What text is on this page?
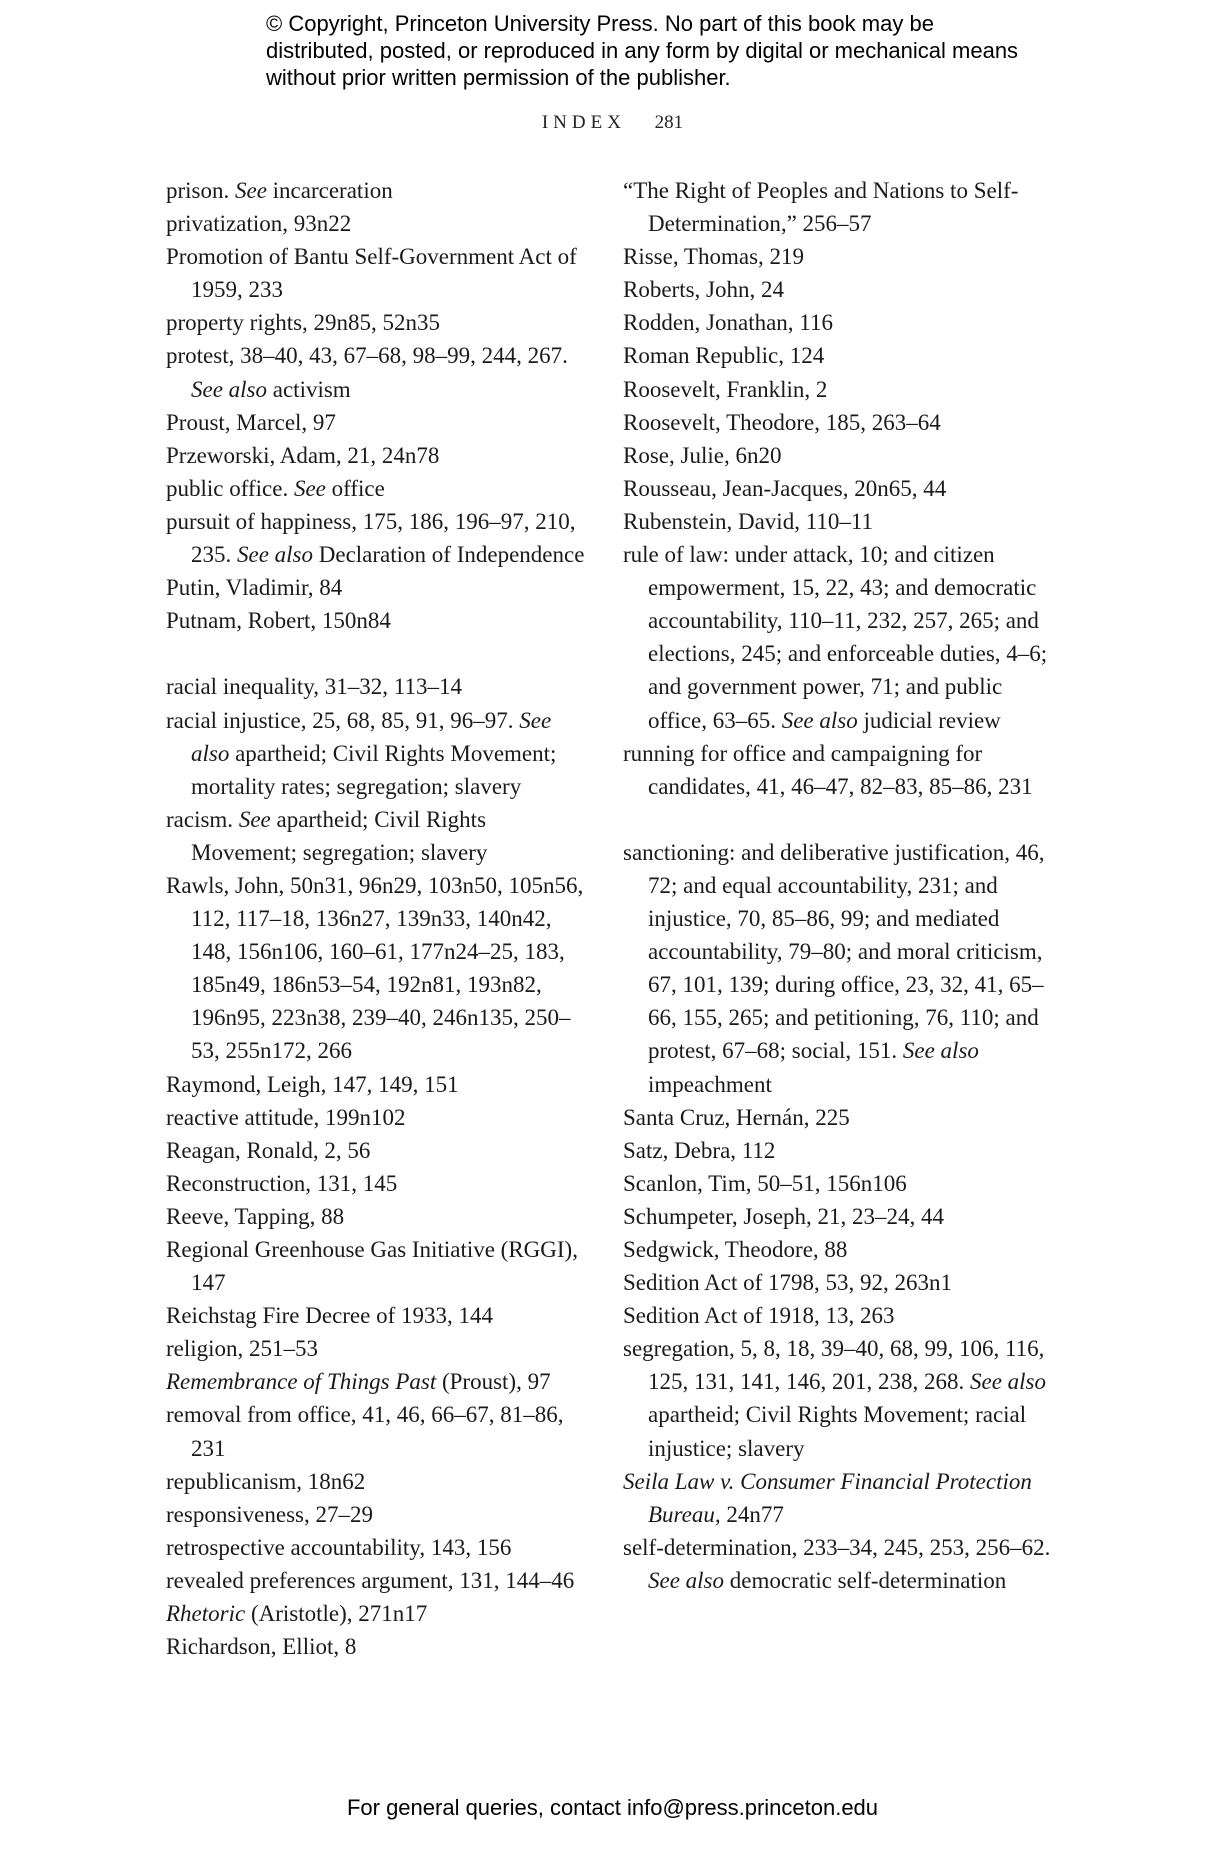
© Copyright, Princeton University Press. No part of this book may be distributed, posted, or reproduced in any form by digital or mechanical means without prior written permission of the publisher.
INDEX 281

prison. See incarceration

privatization, 93n22

Promotion of Bantu Self-Government Act of 1959, 233

property rights, 29n85, 52n35

protest, 38–40, 43, 67–68, 98–99, 244, 267. See also activism

Proust, Marcel, 97

Przeworski, Adam, 21, 24n78

public office. See office

pursuit of happiness, 175, 186, 196–97, 210, 235. See also Declaration of Independence

Putin, Vladimir, 84

Putnam, Robert, 150n84

racial inequality, 31–32, 113–14

racial injustice, 25, 68, 85, 91, 96–97. See also apartheid; Civil Rights Movement; mortality rates; segregation; slavery

racism. See apartheid; Civil Rights Movement; segregation; slavery

Rawls, John, 50n31, 96n29, 103n50, 105n56, 112, 117–18, 136n27, 139n33, 140n42, 148, 156n106, 160–61, 177n24–25, 183, 185n49, 186n53–54, 192n81, 193n82, 196n95, 223n38, 239–40, 246n135, 250–53, 255n172, 266

Raymond, Leigh, 147, 149, 151

reactive attitude, 199n102

Reagan, Ronald, 2, 56

Reconstruction, 131, 145

Reeve, Tapping, 88

Regional Greenhouse Gas Initiative (RGGI), 147

Reichstag Fire Decree of 1933, 144

religion, 251–53

Remembrance of Things Past (Proust), 97

removal from office, 41, 46, 66–67, 81–86, 231

republicanism, 18n62

responsiveness, 27–29

retrospective accountability, 143, 156

revealed preferences argument, 131, 144–46

Rhetoric (Aristotle), 271n17

Richardson, Elliot, 8

“The Right of Peoples and Nations to Self-Determination,” 256–57

Risse, Thomas, 219

Roberts, John, 24

Rodden, Jonathan, 116

Roman Republic, 124

Roosevelt, Franklin, 2

Roosevelt, Theodore, 185, 263–64

Rose, Julie, 6n20

Rousseau, Jean-Jacques, 20n65, 44

Rubenstein, David, 110–11

rule of law: under attack, 10; and citizen empowerment, 15, 22, 43; and democratic accountability, 110–11, 232, 257, 265; and elections, 245; and enforceable duties, 4–6; and government power, 71; and public office, 63–65. See also judicial review

running for office and campaigning for candidates, 41, 46–47, 82–83, 85–86, 231

sanctioning: and deliberative justification, 46, 72; and equal accountability, 231; and injustice, 70, 85–86, 99; and mediated accountability, 79–80; and moral criticism, 67, 101, 139; during office, 23, 32, 41, 65–66, 155, 265; and petitioning, 76, 110; and protest, 67–68; social, 151. See also impeachment

Santa Cruz, Hernán, 225

Satz, Debra, 112

Scanlon, Tim, 50–51, 156n106

Schumpeter, Joseph, 21, 23–24, 44

Sedgwick, Theodore, 88

Sedition Act of 1798, 53, 92, 263n1

Sedition Act of 1918, 13, 263

segregation, 5, 8, 18, 39–40, 68, 99, 106, 116, 125, 131, 141, 146, 201, 238, 268. See also apartheid; Civil Rights Movement; racial injustice; slavery

Seila Law v. Consumer Financial Protection Bureau, 24n77

self-determination, 233–34, 245, 253, 256–62. See also democratic self-determination

For general queries, contact info@press.princeton.edu
